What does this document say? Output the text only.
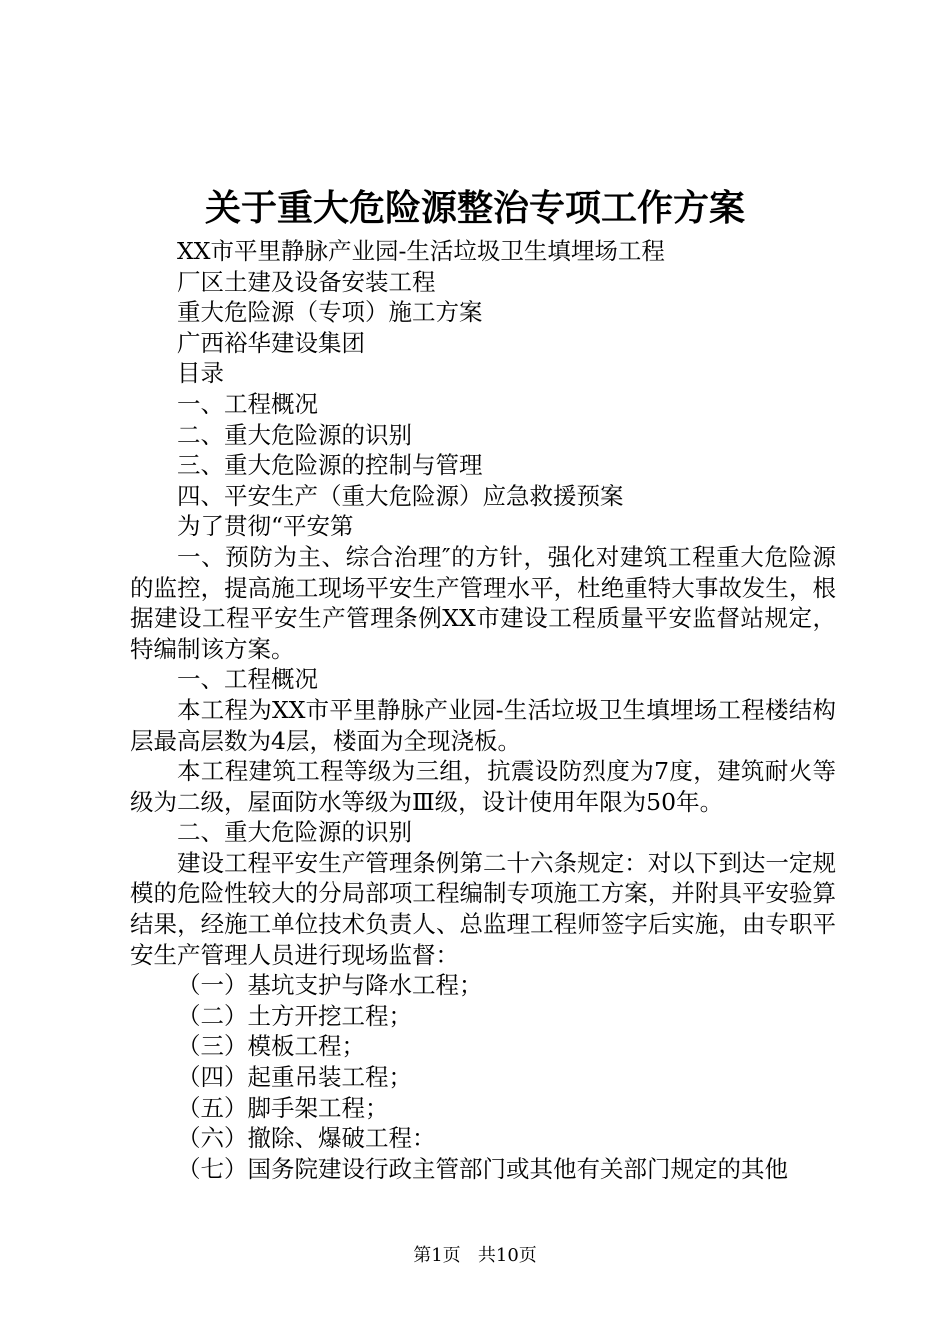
关于重大危险源整治专项工作方案

XX市平里静脉产业园-生活垃圾卫生填埋场工程

厂区土建及设备安装工程

重大危险源（专项）施工方案

广西裕华建设集团

目录

一、工程概况

二、重大危险源的识别

三、重大危险源的控制与管理

四、平安生产（重大危险源）应急救援预案

为了贯彻“平安第

一、预防为主、综合治理″的方针，强化对建筑工程重大危险源的监控，提高施工现场平安生产管理水平，杜绝重特大事故发生，根据建设工程平安生产管理条例XX市建设工程质量平安监督站规定，特编制该方案。

一、工程概况

本工程为XX市平里静脉产业园-生活垃圾卫生填埋场工程楼结构层最高层数为4层，楼面为全现浇板。

本工程建筑工程等级为三组，抗震设防烈度为7度，建筑耐火等级为二级，屋面防水等级为Ⅲ级，设计使用年限为50年。

二、重大危险源的识别

建设工程平安生产管理条例第二十六条规定：对以下到达一定规模的危险性较大的分局部项工程编制专项施工方案，并附具平安验算结果，经施工单位技术负责人、总监理工程师签字后实施，由专职平安生产管理人员进行现场监督：

（一）基坑支护与降水工程；

（二）土方开挖工程；

（三）模板工程；

（四）起重吊装工程；

（五）脚手架工程；

（六）撤除、爆破工程：

（七）国务院建设行政主管部门或其他有关部门规定的其他

第1页 共10页
